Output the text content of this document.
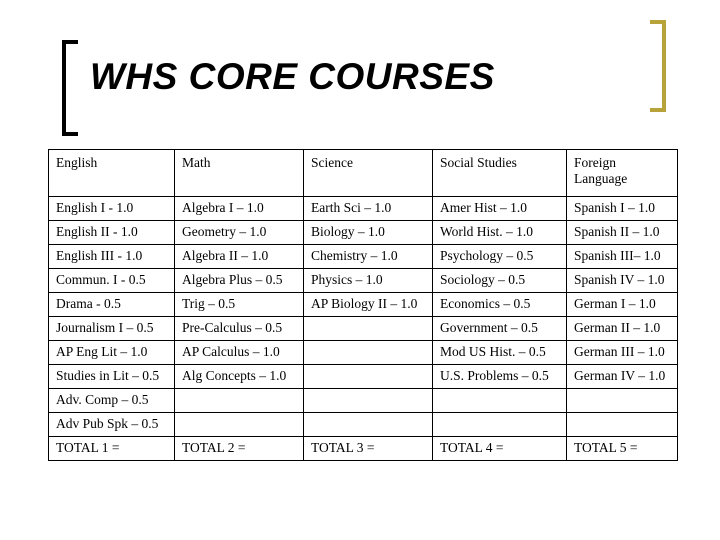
WHS CORE COURSES
English	Math	Science	Social Studies	Foreign Language
English I - 1.0	Algebra I – 1.0	Earth Sci – 1.0	Amer Hist – 1.0	Spanish I – 1.0
English II - 1.0	Geometry – 1.0	Biology – 1.0	World Hist. – 1.0	Spanish II – 1.0
English III - 1.0	Algebra II – 1.0	Chemistry – 1.0	Psychology – 0.5	Spanish III– 1.0
Commun. I - 0.5	Algebra Plus – 0.5	Physics – 1.0	Sociology – 0.5	Spanish IV – 1.0
Drama - 0.5	Trig – 0.5	AP Biology II – 1.0	Economics – 0.5	German I – 1.0
Journalism I – 0.5	Pre-Calculus – 0.5		Government – 0.5	German II – 1.0
AP Eng Lit – 1.0	AP Calculus – 1.0		Mod US Hist. – 0.5	German III – 1.0
Studies in Lit – 0.5	Alg Concepts – 1.0		U.S. Problems – 0.5	German IV – 1.0
Adv. Comp – 0.5				
Adv Pub Spk – 0.5				
TOTAL 1 =	TOTAL 2 =	TOTAL 3 =	TOTAL 4 =	TOTAL 5 =
